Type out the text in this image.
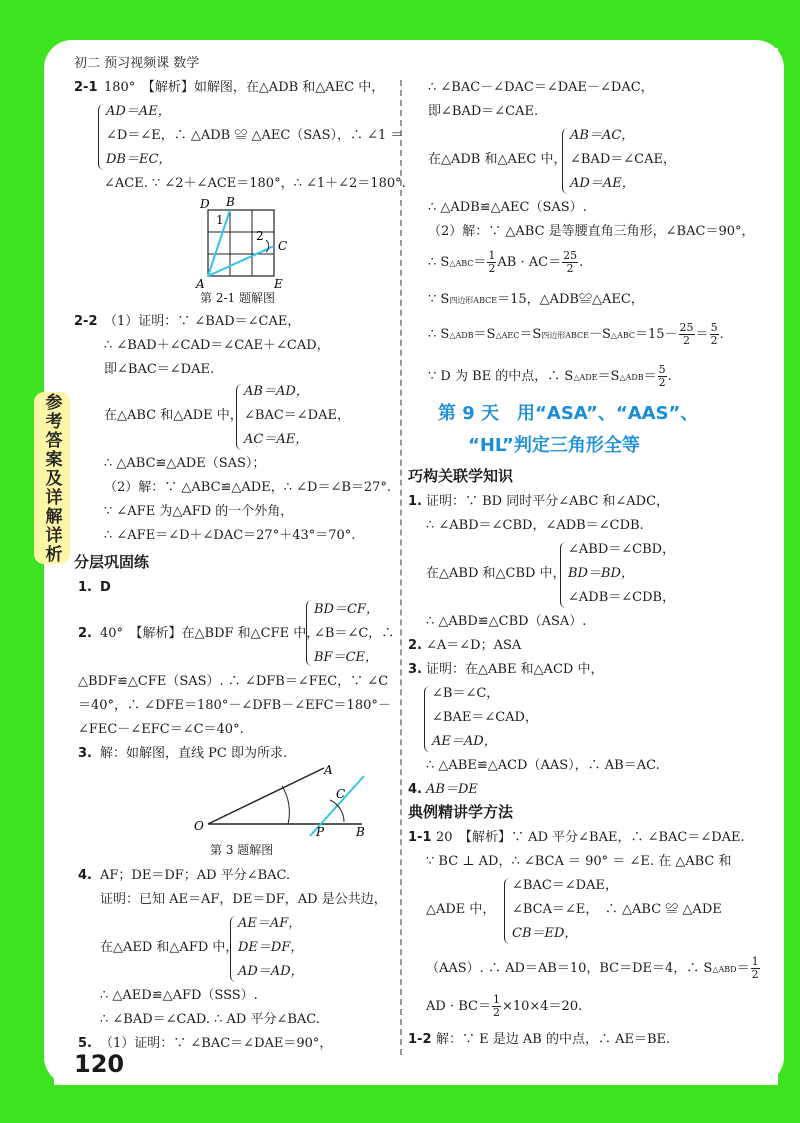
初二 预习视频课 数学
参考答案及详解详析
120
2-1 180°　【解析】如解图，在△ADB 和△AEC 中，
AD＝AE，
∠D＝∠E，∴ △ADB ≌ △AEC（SAS），∴ ∠1 ＝
DB＝EC，
∠ACE. ∵ ∠2＋∠ACE＝180°，∴ ∠1＋∠2＝180°.
D B
1
2
C
A	E
第 2-1 题解图
2-2 （1）证明：∵ ∠BAD＝∠CAE，
∴ ∠BAD＋∠CAD＝∠CAE＋∠CAD，
即∠BAC＝∠DAE.
AB＝AD，
在△ABC 和△ADE 中， ∠BAC＝∠DAE，
AC＝AE，
∴ △ABC≌△ADE（SAS）；
（2）解：∵ △ABC≌△ADE，∴ ∠D＝∠B＝27°.
∵ ∠AFE 为△AFD 的一个外角，
∴ ∠AFE＝∠D＋∠DAC＝27°＋43°＝70°.
分层巩固练
1. D
2.
BD＝CF，
40°　【解析】在△BDF 和△CFE 中，
∠B＝∠C，∴
BF＝CE，
△BDF≌△CFE（SAS）. ∴ ∠DFB＝∠FEC，∵ ∠C
＝40°，∴ ∠DFE＝180°－∠DFB－∠EFC＝180°－
∠FEC－∠EFC＝∠C＝40°.
3. 解：如解图，直线 PC 即为所求.
A
C
O	P	B
第 3 题解图
4. AF；DE＝DF；AD 平分∠BAC.
证明：已知 AE＝AF，DE＝DF，AD 是公共边，
AE＝AF，
在△AED 和△AFD 中， DE＝DF，
AD＝AD，
∴ △AED≌△AFD（SSS）.
∴ ∠BAD＝∠CAD. ∴ AD 平分∠BAC.
5. （1）证明：∵ ∠BAC＝∠DAE＝90°，
∴ ∠BAC－∠DAC＝∠DAE－∠DAC，
即∠BAD＝∠CAE.
AB＝AC，
在△ADB 和△AEC 中， ∠BAD＝∠CAE，
AD＝AE，
∴ △ADB≌△AEC（SAS）.
（2）解：∵ △ABC 是等腰直角三角形，∠BAC＝90°，
∴ S△ABC＝ $\frac{1}{2}$ AB · $AC= \frac{25}{2}$ .
∵ S四边形ABCE＝15，△ADB≌△AEC，
∴ S△ADB＝S△AEC＝S四边形ABCE－S△ABC＝15－ $\frac{25}{2} = \frac{5}{2}$ .
∵ D 为 BE 的中点，∴ S△ADE＝S△ADB＝ $\frac{5}{2}$ .
第 9 天　用“ASA”、“AAS”、
“HL”判定三角形全等
巧构关联学知识
1. 证明：∵ BD 同时平分∠ABC 和∠ADC，
∴ ∠ABD＝∠CBD，∠ADB＝∠CDB.
∠ABD＝∠CBD，
在△ABD 和△CBD 中， BD＝BD，
∠ADB＝∠CDB，
∴ △ABD≌△CBD（ASA）.
2. ∠A＝∠D；ASA
3. 证明：在△ABE 和△ACD 中，
∠B＝∠C，
∠BAE＝∠CAD，
AE＝AD，
∴ △ABE≌△ACD（AAS），∴ AB＝AC.
4. AB＝DE
典例精讲学方法
1-1 20　【解析】∵ AD 平分∠BAE，∴ ∠BAC＝∠DAE.
∵ BC ⊥ AD，∴ ∠BCA ＝ 90° ＝ ∠E. 在 △ABC 和
∠BAC＝∠DAE，
△ADE 中， ∠BCA＝∠E，　∴ △ABC ≌ △ADE
CB＝ED，
（AAS）. ∴ AD＝AB＝10，BC＝DE＝4，∴ S△ABD＝ $\frac{1}{2}$
AD · $BC= \frac{1}{2} \times 10\times 4=20$.
1-2 解：∵ E 是边 AB 的中点，∴ AE＝BE.
